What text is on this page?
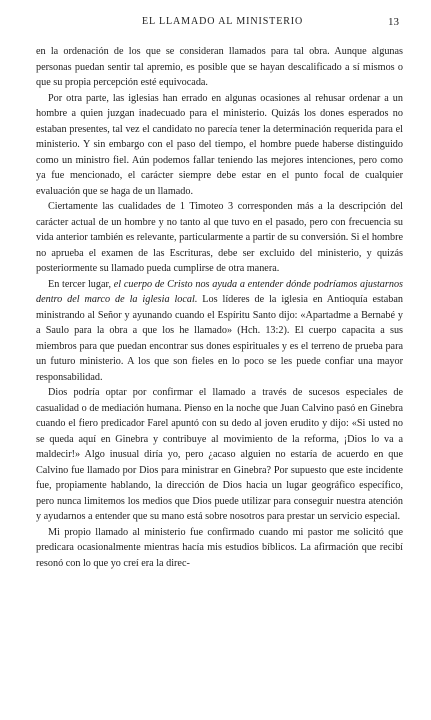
EL LLAMADO AL MINISTERIO	13

en la ordenación de los que se consideran llamados para tal obra. Aunque algunas personas puedan sentir tal apremio, es posible que se hayan descalificado a sí mismos o que su propia percepción esté equivocada.

Por otra parte, las iglesias han errado en algunas ocasiones al rehusar ordenar a un hombre a quien juzgan inadecuado para el ministerio. Quizás los dones esperados no estaban presentes, tal vez el candidato no parecía tener la determinación requerida para el ministerio. Y sin embargo con el paso del tiempo, el hombre puede haberse distinguido como un ministro fiel. Aún podemos fallar teniendo las mejores intenciones, pero como ya fue mencionado, el carácter siempre debe estar en el punto focal de cualquier evaluación que se haga de un llamado.

Ciertamente las cualidades de 1 Timoteo 3 corresponden más a la descripción del carácter actual de un hombre y no tanto al que tuvo en el pasado, pero con frecuencia su vida anterior también es relevante, particularmente a partir de su conversión. Si el hombre no aprueba el examen de las Escrituras, debe ser excluido del ministerio, y quizás posteriormente su llamado pueda cumplirse de otra manera.

En tercer lugar, el cuerpo de Cristo nos ayuda a entender dónde podríamos ajustarnos dentro del marco de la iglesia local. Los líderes de la iglesia en Antioquía estaban ministrando al Señor y ayunando cuando el Espíritu Santo dijo: «Apartadme a Bernabé y a Saulo para la obra a que los he llamado» (Hch. 13:2). El cuerpo capacita a sus miembros para que puedan encontrar sus dones espirituales y es el terreno de prueba para un futuro ministerio. A los que son fieles en lo poco se les puede confiar una mayor responsabilidad.

Dios podría optar por confirmar el llamado a través de sucesos especiales de casualidad o de mediación humana. Pienso en la noche que Juan Calvino pasó en Ginebra cuando el fiero predicador Farel apuntó con su dedo al joven erudito y dijo: «Si usted no se queda aquí en Ginebra y contribuye al movimiento de la reforma, ¡Dios lo va a maldecir!» Algo inusual diría yo, pero ¿acaso alguien no estaría de acuerdo en que Calvino fue llamado por Dios para ministrar en Ginebra? Por supuesto que este incidente fue, propiamente hablando, la dirección de Dios hacia un lugar geográfico específico, pero nunca limitemos los medios que Dios puede utilizar para conseguir nuestra atención y ayudarnos a entender que su mano está sobre nosotros para prestar un servicio especial.

Mi propio llamado al ministerio fue confirmado cuando mi pastor me solicitó que predicara ocasionalmente mientras hacía mis estudios bíblicos. La afirmación que recibí resonó con lo que yo creí era la direc-
